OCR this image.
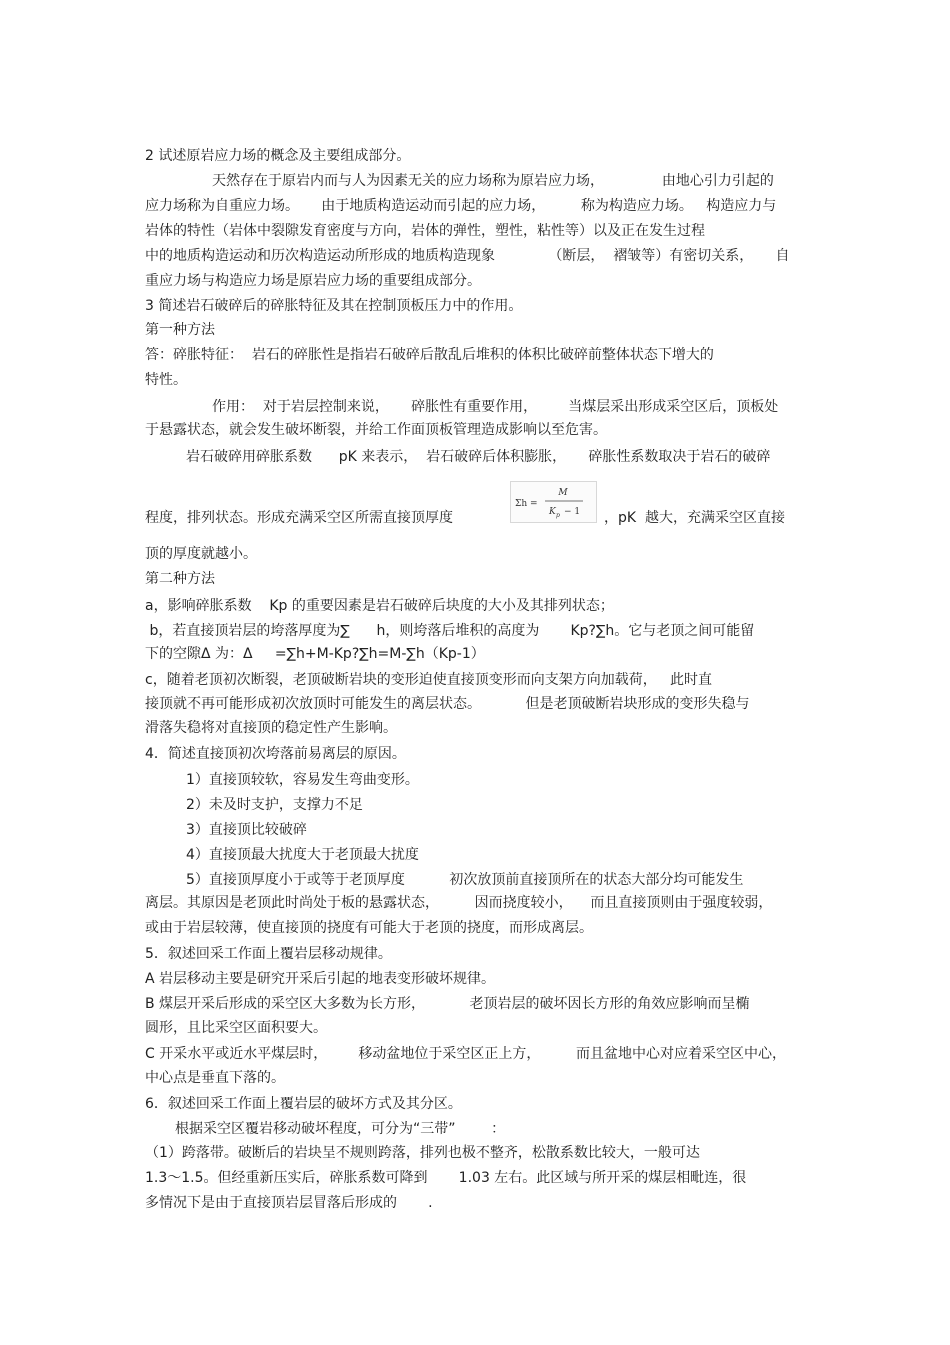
2 试述原岩应力场的概念及主要组成部分。
天然存在于原岩内而与人为因素无关的应力场称为原岩应力场，             由地心引力引起的
应力场称为自重应力场。     由于地质构造运动而引起的应力场，        称为构造应力场。   构造应力与
岩体的特性（岩体中裂隙发育密度与方向，岩体的弹性，塑性，粘性等）以及正在发生过程
中的地质构造运动和历次构造运动所形成的地质构造现象            （断层，  褶皱等）有密切关系，     自
重应力场与构造应力场是原岩应力场的重要组成部分。
3 简述岩石破碎后的碎胀特征及其在控制顶板压力中的作用。
第一种方法
答：碎胀特征：  岩石的碎胀性是指岩石破碎后散乱后堆积的体积比破碎前整体状态下增大的
特性。
作用：  对于岩层控制来说，     碎胀性有重要作用，       当煤层采出形成采空区后，顶板处
于悬露状态，就会发生破坏断裂，并给工作面顶板管理造成影响以至危害。
岩石破碎用碎胀系数      pK 来表示，  岩石破碎后体积膨胀，     碎胀性系数取决于岩石的破碎
程度，排列状态。形成充满采空区所需直接顶厚度
Σh =
M
K p − 1 ，pK  越大，充满采空区直接
顶的厚度就越小。
第二种方法
a，影响碎胀系数    Kp 的重要因素是岩石破碎后块度的大小及其排列状态；
b，若直接顶岩层的垮落厚度为∑      h，则垮落后堆积的高度为       Kp?∑h。它与老顶之间可能留
下的空隙Δ 为：Δ     =∑h+M-Kp?∑h=M-∑h（Kp-1）
c，随着老顶初次断裂，老顶破断岩块的变形迫使直接顶变形而向支架方向加载荷，   此时直
接顶就不再可能形成初次放顶时可能发生的离层状态。          但是老顶破断岩块形成的变形失稳与
滑落失稳将对直接顶的稳定性产生影响。
4．简述直接顶初次垮落前易离层的原因。
1）直接顶较软，容易发生弯曲变形。
2）未及时支护，支撑力不足
3）直接顶比较破碎
4）直接顶最大扰度大于老顶最大扰度
5）直接顶厚度小于或等于老顶厚度          初次放顶前直接顶所在的状态大部分均可能发生
离层。其原因是老顶此时尚处于板的悬露状态，        因而挠度较小，    而且直接顶则由于强度较弱，
或由于岩层较薄，使直接顶的挠度有可能大于老顶的挠度，而形成离层。
5．叙述回采工作面上覆岩层移动规律。
A 岩层移动主要是研究开采后引起的地表变形破坏规律。
B 煤层开采后形成的采空区大多数为长方形，          老顶岩层的破坏因长方形的角效应影响而呈椭
圆形，且比采空区面积要大。
C 开采水平或近水平煤层时，       移动盆地位于采空区正上方，        而且盆地中心对应着采空区中心，
中心点是垂直下落的。
6．叙述回采工作面上覆岩层的破坏方式及其分区。
根据采空区覆岩移动破坏程度，可分为“三带”        ：
（1）跨落带。破断后的岩块呈不规则跨落，排列也极不整齐，松散系数比较大，一般可达
1.3～1.5。但经重新压实后，碎胀系数可降到       1.03 左右。此区域与所开采的煤层相毗连，很
多情况下是由于直接顶岩层冒落后形成的       .
